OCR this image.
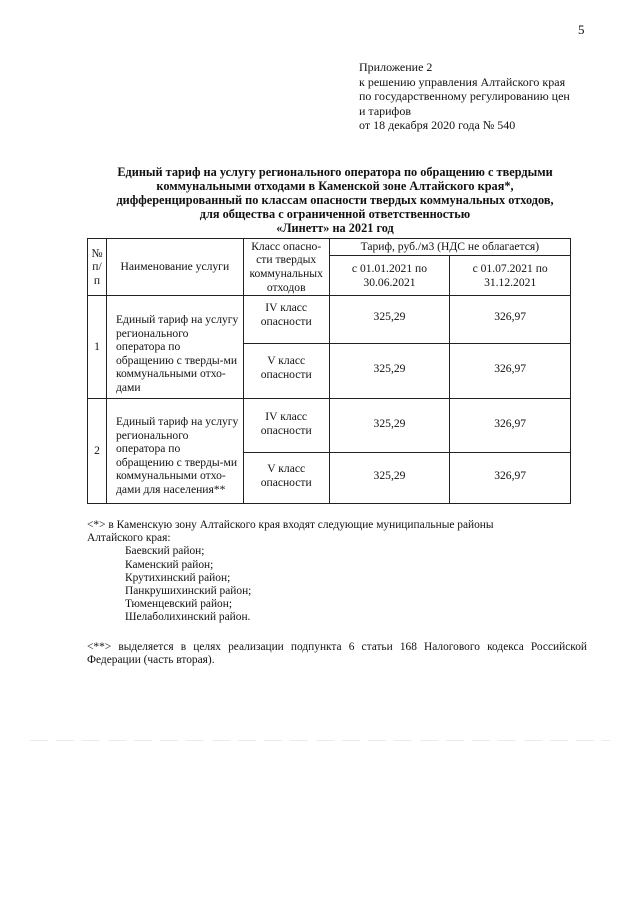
5
Приложение 2
к решению управления Алтайского края
по государственному регулированию цен
и тарифов
от 18 декабря 2020 года № 540
Единый тариф на услугу регионального оператора по обращению с твердыми
коммунальными отходами в Каменской зоне Алтайского края*,
дифференцированный по классам опасности твердых коммунальных отходов,
для общества с ограниченной ответственностью
«Линетт» на 2021 год
№ п/п	Наименование услуги	Класс опасно-сти твердых коммунальных отходов	Тариф, руб./м3 (НДС не облагается)	
			с 01.01.2021 по 30.06.2021	с 01.07.2021 по 31.12.2021
1	Единый тариф на услугу регионального оператора по обращению с тверды-ми коммунальными отхо-дами	IV класс опасности	325,29	326,97
		V класс опасности	325,29	326,97
2	Единый тариф на услугу регионального оператора по обращению с тверды-ми коммунальными отхо-дами для населения**	IV класс опасности	325,29	326,97
		V класс опасности	325,29	326,97
<*> в Каменскую зону Алтайского края входят следующие муниципальные районы
Алтайского края:
Баевский район;
Каменский район;
Крутихинский район;
Панкрушихинский район;
Тюменцевский район;
Шелаболихинский район.
<**> выделяется в целях реализации подпункта 6 статьи 168 Налогового кодекса Российской Федерации (часть вторая).
